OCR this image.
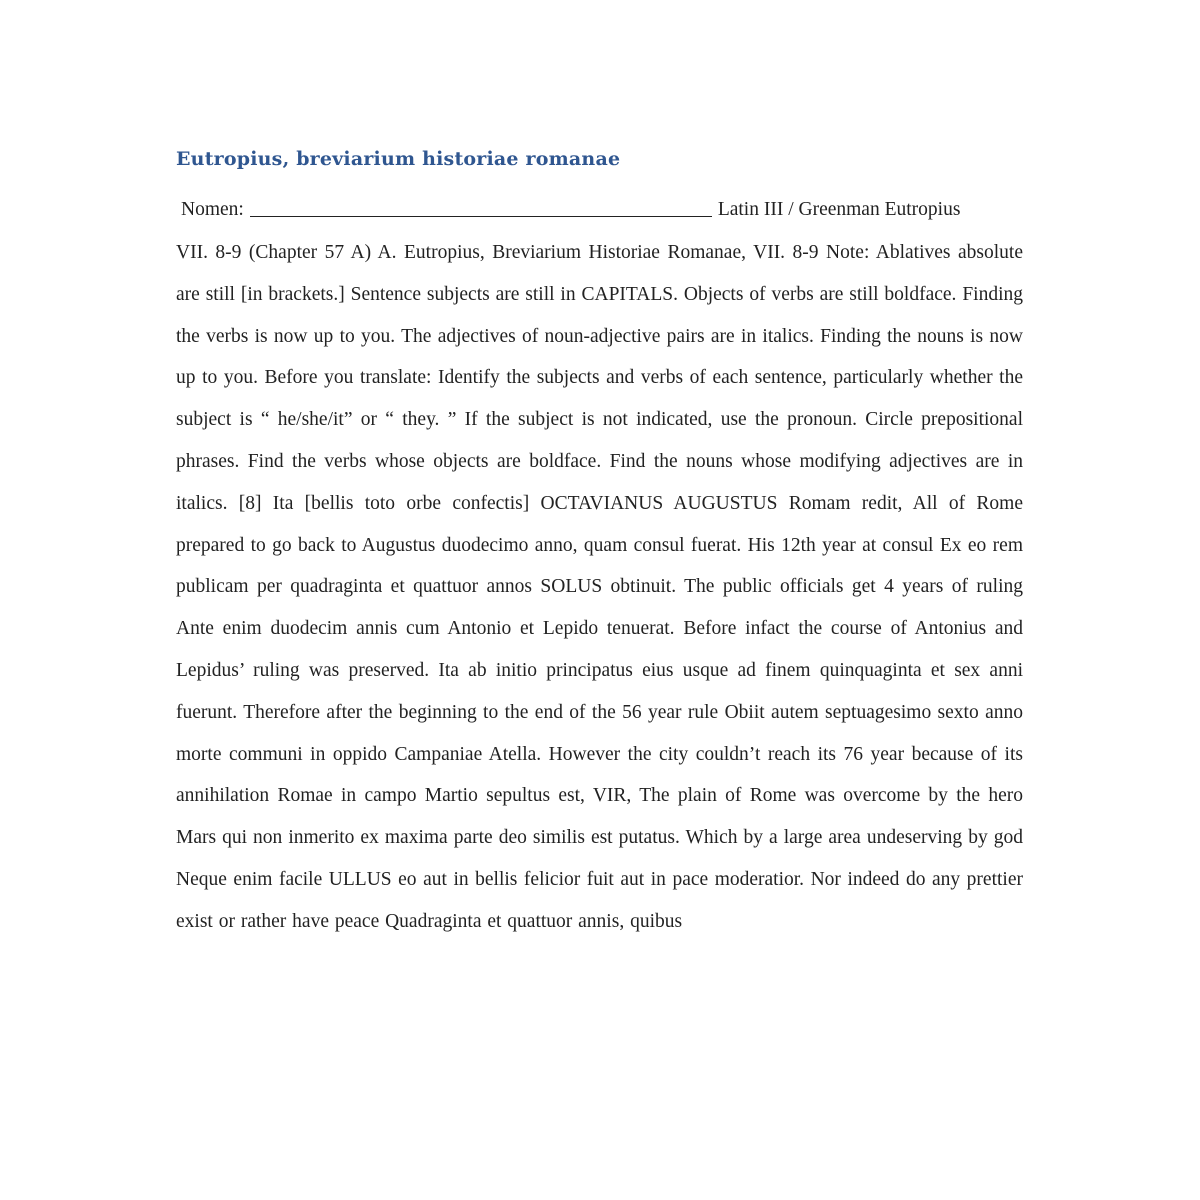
Eutropius, breviarium historiae romanae
Nomen:	Latin III / Greenman Eutropius

VII. 8-9 (Chapter 57 A) A. Eutropius, Breviarium Historiae Romanae, VII. 8-9 Note: Ablatives absolute are still [in brackets.] Sentence subjects are still in CAPITALS. Objects of verbs are still boldface. Finding the verbs is now up to you. The adjectives of noun-adjective pairs are in italics. Finding the nouns is now up to you. Before you translate: Identify the subjects and verbs of each sentence, particularly whether the subject is “ he/she/it” or “ they. ” If the subject is not indicated, use the pronoun. Circle prepositional phrases. Find the verbs whose objects are boldface. Find the nouns whose modifying adjectives are in italics. [8] Ita [bellis toto orbe confectis] OCTAVIANUS AUGUSTUS Romam redit, All of Rome prepared to go back to Augustus duodecimo anno, quam consul fuerat. His 12th year at consul Ex eo rem publicam per quadraginta et quattuor annos SOLUS obtinuit. The public officials get 4 years of ruling Ante enim duodecim annis cum Antonio et Lepido tenuerat. Before infact the course of Antonius and Lepidus’ ruling was preserved. Ita ab initio principatus eius usque ad finem quinquaginta et sex anni fuerunt. Therefore after the beginning to the end of the 56 year rule Obiit autem septuagesimo sexto anno morte communi in oppido Campaniae Atella. However the city couldn’t reach its 76 year because of its annihilation Romae in campo Martio sepultus est, VIR, The plain of Rome was overcome by the hero Mars qui non inmerito ex maxima parte deo similis est putatus. Which by a large area undeserving by god Neque enim facile ULLUS eo aut in bellis felicior fuit aut in pace moderatior. Nor indeed do any prettier exist or rather have peace Quadraginta et quattuor annis, quibus
